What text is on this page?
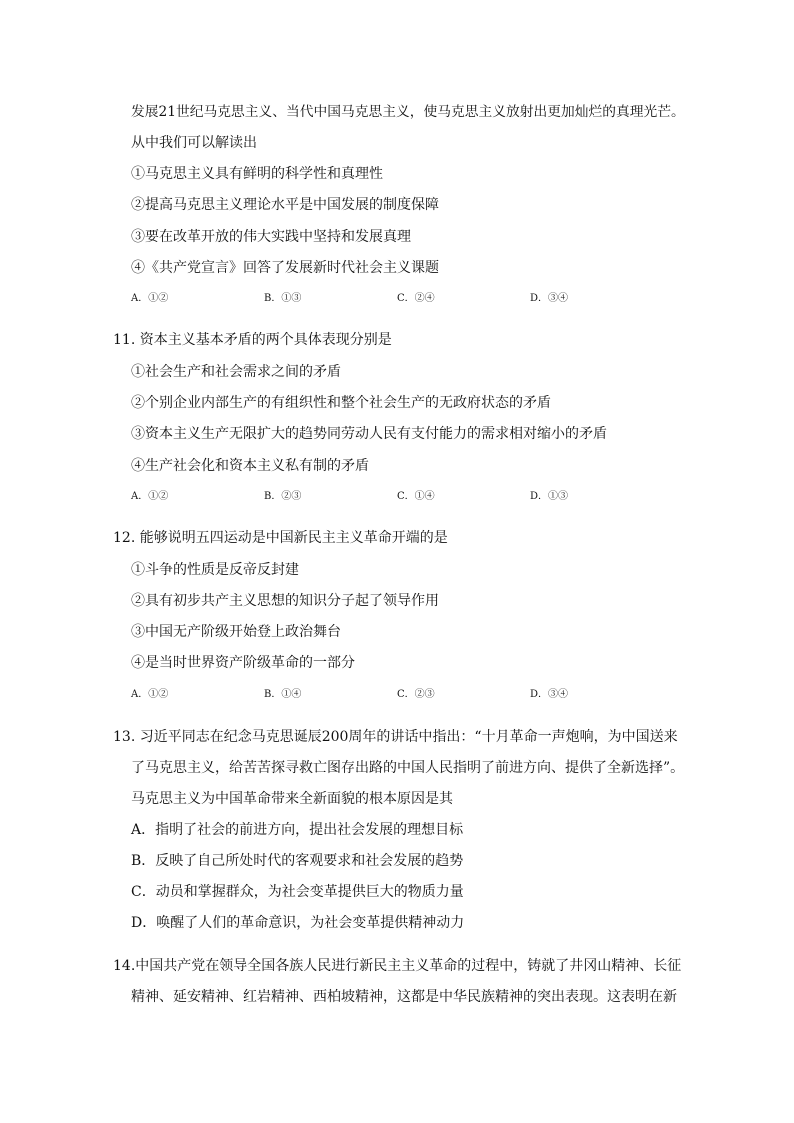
发展21世纪马克思主义、当代中国马克思主义，使马克思主义放射出更加灿烂的真理光芒。
从中我们可以解读出
①马克思主义具有鲜明的科学性和真理性
②提高马克思主义理论水平是中国发展的制度保障
③要在改革开放的伟大实践中坚持和发展真理
④《共产党宣言》回答了发展新时代社会主义课题
A．①②	B．①③	C．②④	D．③④
11. 资本主义基本矛盾的两个具体表现分别是
①社会生产和社会需求之间的矛盾
②个别企业内部生产的有组织性和整个社会生产的无政府状态的矛盾
③资本主义生产无限扩大的趋势同劳动人民有支付能力的需求相对缩小的矛盾
④生产社会化和资本主义私有制的矛盾
A．①②	B．②③	C．①④	D．①③
12. 能够说明五四运动是中国新民主主义革命开端的是
①斗争的性质是反帝反封建
②具有初步共产主义思想的知识分子起了领导作用
③中国无产阶级开始登上政治舞台
④是当时世界资产阶级革命的一部分
A．①②	B．①④	C．②③	D．③④
13. 习近平同志在纪念马克思诞辰200周年的讲话中指出：“十月革命一声炮响，为中国送来
了马克思主义，给苦苦探寻救亡图存出路的中国人民指明了前进方向、提供了全新选择”。
马克思主义为中国革命带来全新面貌的根本原因是其
A．指明了社会的前进方向，提出社会发展的理想目标
B．反映了自己所处时代的客观要求和社会发展的趋势
C．动员和掌握群众，为社会变革提供巨大的物质力量
D．唤醒了人们的革命意识，为社会变革提供精神动力
14.中国共产党在领导全国各族人民进行新民主主义革命的过程中，铸就了井冈山精神、长征
精神、延安精神、红岩精神、西柏坡精神，这都是中华民族精神的突出表现。这表明在新
